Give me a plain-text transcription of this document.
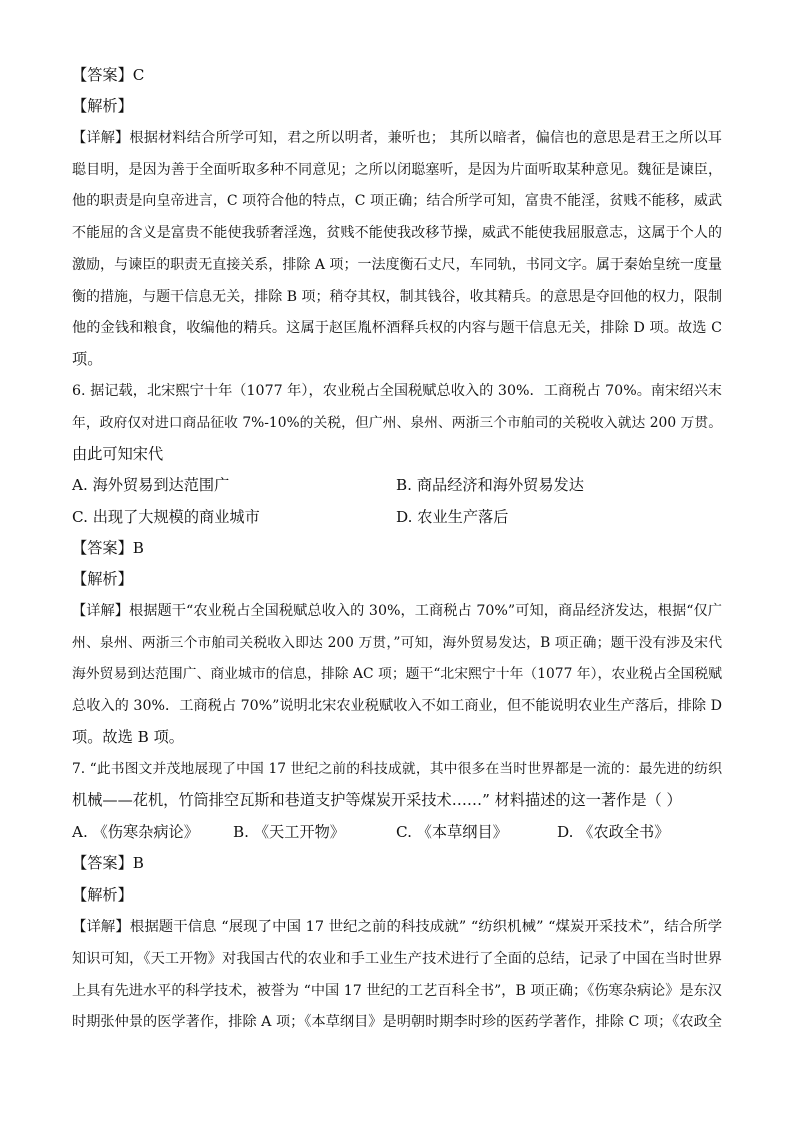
【答案】C
【解析】
【详解】根据材料结合所学可知，君之所以明者，兼听也； 其所以暗者，偏信也的意思是君王之所以耳
聪目明，是因为善于全面听取多种不同意见；之所以闭聪塞听，是因为片面听取某种意见。魏征是谏臣，
他的职责是向皇帝进言，C 项符合他的特点，C 项正确；结合所学可知，富贵不能淫，贫贱不能移，威武
不能屈的含义是富贵不能使我骄奢淫逸，贫贱不能使我改移节操，威武不能使我屈服意志，这属于个人的
激励，与谏臣的职责无直接关系，排除 A 项；一法度衡石丈尺，车同轨，书同文字。属于秦始皇统一度量
衡的措施，与题干信息无关，排除 B 项；稍夺其权，制其钱谷，收其精兵。的意思是夺回他的权力，限制
他的金钱和粮食，收编他的精兵。这属于赵匡胤杯酒释兵权的内容与题干信息无关，排除 D 项。故选 C
项。
6. 据记载，北宋熙宁十年（1077 年），农业税占全国税赋总收入的 30%．工商税占 70%。南宋绍兴末
年，政府仅对进口商品征收 7%-10%的关税，但广州、泉州、两浙三个市舶司的关税收入就达 200 万贯。
由此可知宋代
A. 海外贸易到达范围广	B. 商品经济和海外贸易发达
C. 出现了大规模的商业城市	D. 农业生产落后
【答案】B
【解析】
【详解】根据题干“农业税占全国税赋总收入的 30%，工商税占 70%”可知，商品经济发达，根据“仅广
州、泉州、两浙三个市舶司关税收入即达 200 万贯，”可知，海外贸易发达，B 项正确；题干没有涉及宋代
海外贸易到达范围广、商业城市的信息，排除 AC 项；题干“北宋熙宁十年（1077 年），农业税占全国税赋
总收入的 30%．工商税占 70%”说明北宋农业税赋收入不如工商业，但不能说明农业生产落后，排除 D
项。故选 B 项。
7. “此书图文并茂地展现了中国 17 世纪之前的科技成就，其中很多在当时世界都是一流的：最先进的纺织
机械——花机，竹筒排空瓦斯和巷道支护等煤炭开采技术……” 材料描述的这一著作是（ ）
A. 《伤寒杂病论》 B. 《天工开物》	C. 《本草纲目》	D. 《农政全书》
【答案】B
【解析】
【详解】根据题干信息 “展现了中国 17 世纪之前的科技成就” “纺织机械” “煤炭开采技术”，结合所学
知识可知，《天工开物》对我国古代的农业和手工业生产技术进行了全面的总结，记录了中国在当时世界
上具有先进水平的科学技术，被誉为 “中国 17 世纪的工艺百科全书”，B 项正确；《伤寒杂病论》是东汉
时期张仲景的医学著作，排除 A 项；《本草纲目》是明朝时期李时珍的医药学著作，排除 C 项；《农政全
